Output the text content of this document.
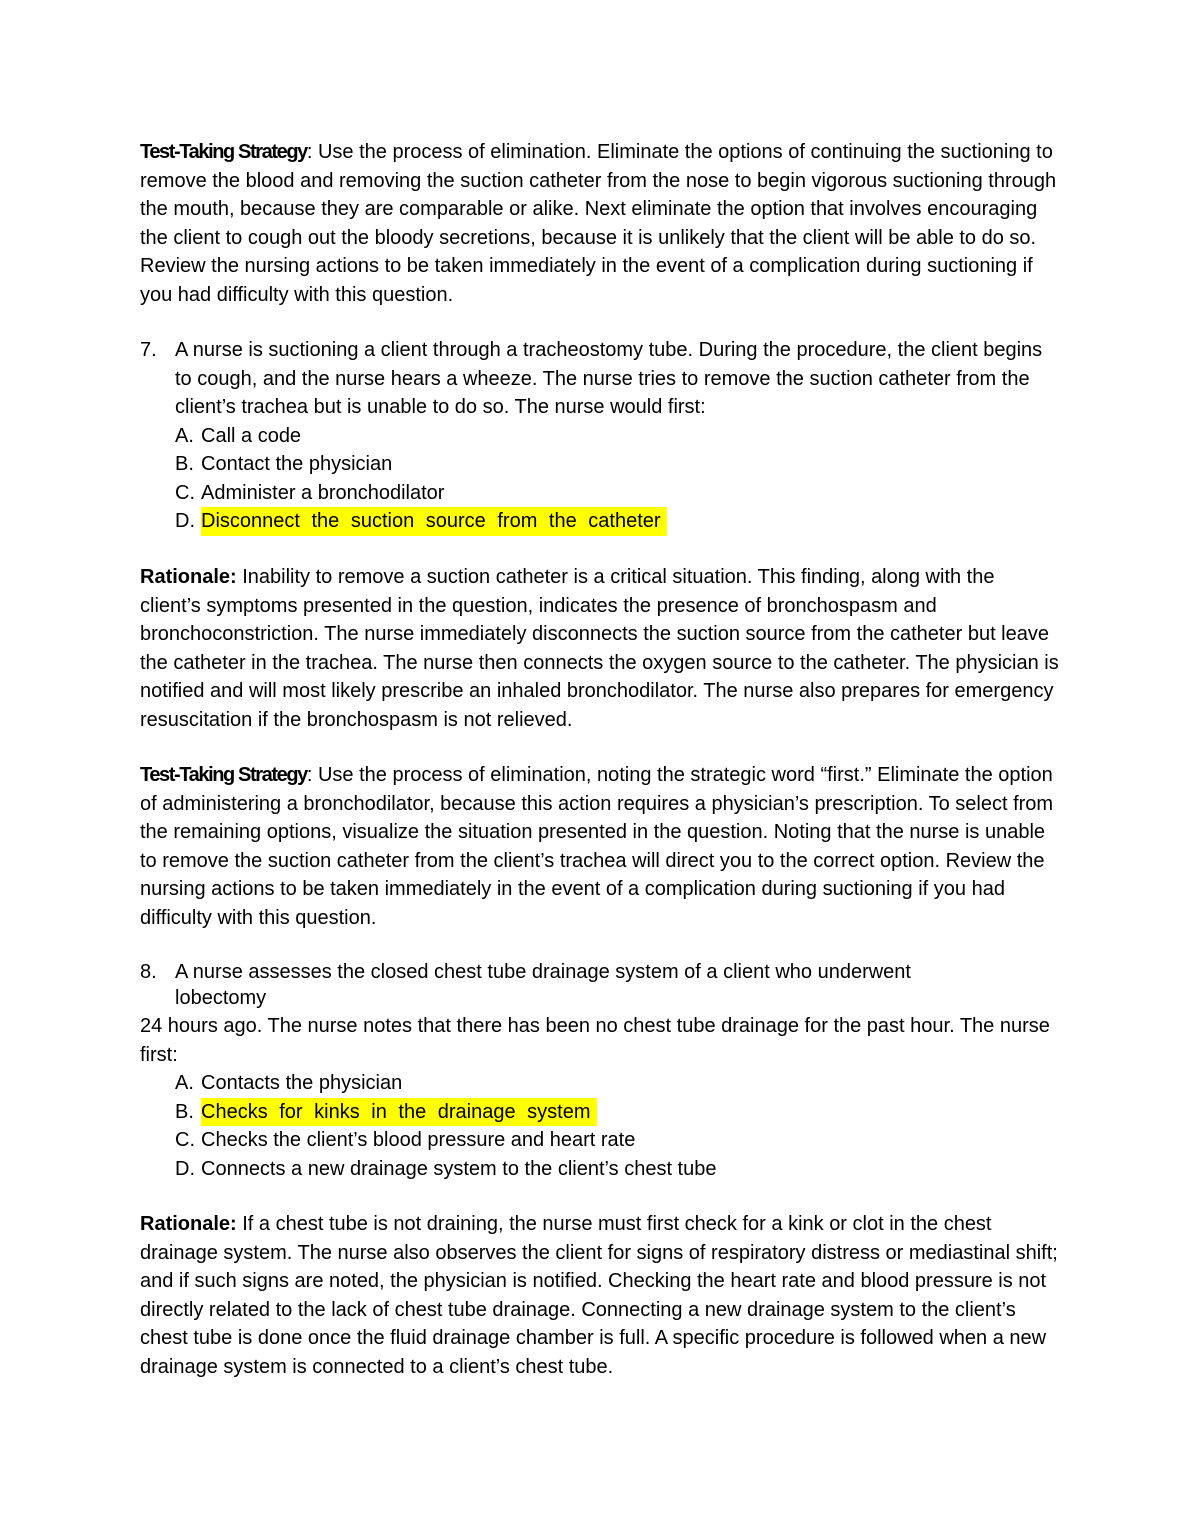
Test-Taking Strategy: Use the process of elimination. Eliminate the options of continuing the suctioning to remove the blood and removing the suction catheter from the nose to begin vigorous suctioning through the mouth, because they are comparable or alike. Next eliminate the option that involves encouraging the client to cough out the bloody secretions, because it is unlikely that the client will be able to do so. Review the nursing actions to be taken immediately in the event of a complication during suctioning if you had difficulty with this question.
7. A nurse is suctioning a client through a tracheostomy tube. During the procedure, the client begins to cough, and the nurse hears a wheeze. The nurse tries to remove the suction catheter from the client’s trachea but is unable to do so. The nurse would first:
A. Call a code
B. Contact the physician
C. Administer a bronchodilator
D. Disconnect the suction source from the catheter
Rationale: Inability to remove a suction catheter is a critical situation. This finding, along with the client’s symptoms presented in the question, indicates the presence of bronchospasm and bronchoconstriction. The nurse immediately disconnects the suction source from the catheter but leave the catheter in the trachea. The nurse then connects the oxygen source to the catheter. The physician is notified and will most likely prescribe an inhaled bronchodilator. The nurse also prepares for emergency resuscitation if the bronchospasm is not relieved.
Test-Taking Strategy: Use the process of elimination, noting the strategic word “first.” Eliminate the option of administering a bronchodilator, because this action requires a physician’s prescription. To select from the remaining options, visualize the situation presented in the question. Noting that the nurse is unable to remove the suction catheter from the client’s trachea will direct you to the correct option. Review the nursing actions to be taken immediately in the event of a complication during suctioning if you had difficulty with this question.
8. A nurse assesses the closed chest tube drainage system of a client who underwent lobectomy
24 hours ago. The nurse notes that there has been no chest tube drainage for the past hour. The nurse first:
A. Contacts the physician
B. Checks for kinks in the drainage system
C. Checks the client’s blood pressure and heart rate
D. Connects a new drainage system to the client’s chest tube
Rationale: If a chest tube is not draining, the nurse must first check for a kink or clot in the chest drainage system. The nurse also observes the client for signs of respiratory distress or mediastinal shift; and if such signs are noted, the physician is notified. Checking the heart rate and blood pressure is not directly related to the lack of chest tube drainage. Connecting a new drainage system to the client’s chest tube is done once the fluid drainage chamber is full. A specific procedure is followed when a new drainage system is connected to a client’s chest tube.
